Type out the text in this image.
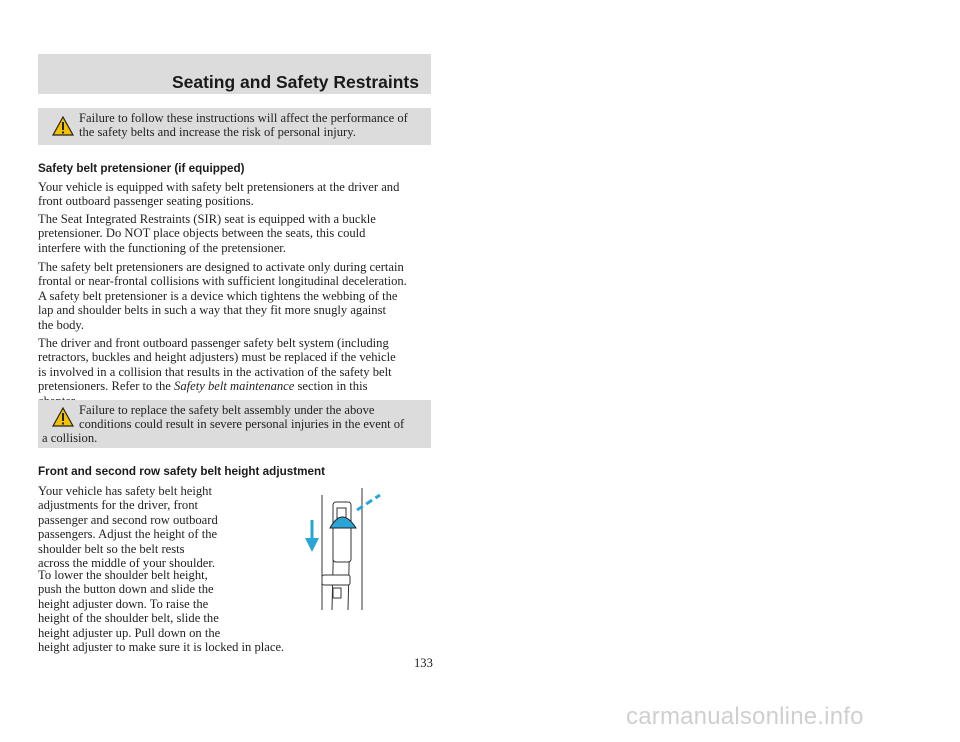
Seating and Safety Restraints
Failure to follow these instructions will affect the performance of
the safety belts and increase the risk of personal injury.
Safety belt pretensioner (if equipped)
Your vehicle is equipped with safety belt pretensioners at the driver and
front outboard passenger seating positions.
The Seat Integrated Restraints (SIR) seat is equipped with a buckle
pretensioner. Do NOT place objects between the seats, this could
interfere with the functioning of the pretensioner.
The safety belt pretensioners are designed to activate only during certain
frontal or near-frontal collisions with sufficient longitudinal deceleration.
A safety belt pretensioner is a device which tightens the webbing of the
lap and shoulder belts in such a way that they fit more snugly against
the body.
The driver and front outboard passenger safety belt system (including
retractors, buckles and height adjusters) must be replaced if the vehicle
is involved in a collision that results in the activation of the safety belt
pretensioners. Refer to the Safety belt maintenance section in this
Failure to replace the safety belt assembly under the above
conditions could result in severe personal injuries in the event of
a collision.
Front and second row safety belt height adjustment
Your vehicle has safety belt height
adjustments for the driver, front
passenger and second row outboard
passengers. Adjust the height of the
shoulder belt so the belt rests
across the middle of your shoulder.
To lower the shoulder belt height,
push the button down and slide the
height adjuster down. To raise the
height of the shoulder belt, slide the
height adjuster up. Pull down on the
height adjuster to make sure it is locked in place.
133
carmanualsonline.info
